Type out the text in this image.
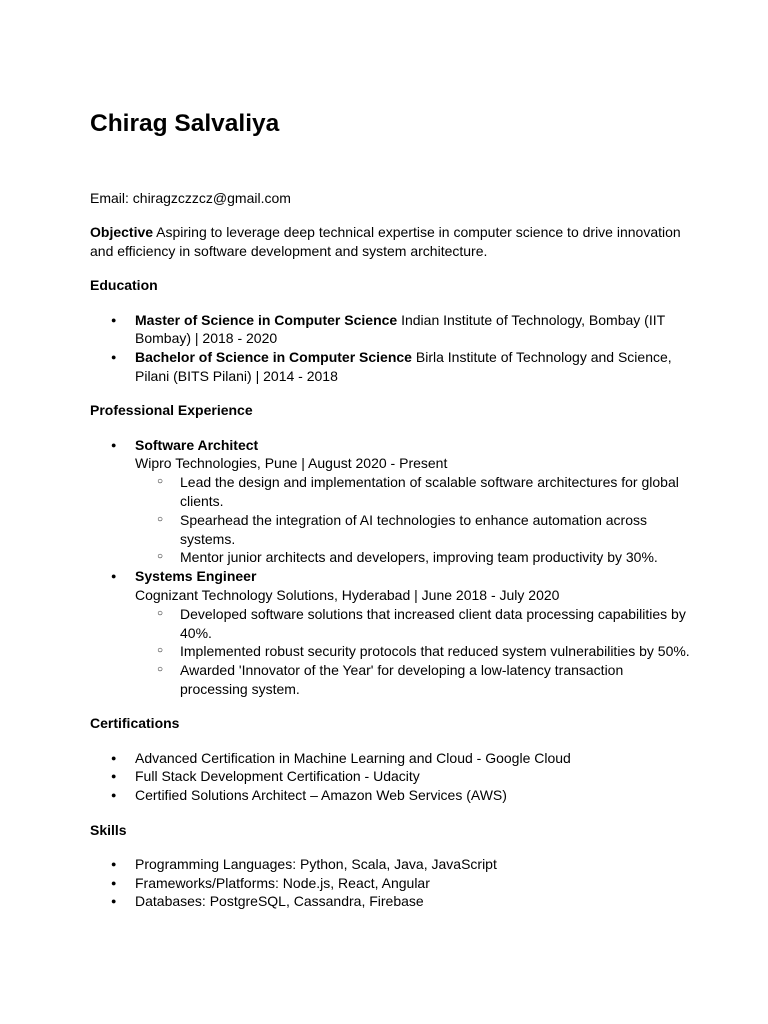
Chirag Salvaliya

Email: chiragzczzcz@gmail.com

Objective Aspiring to leverage deep technical expertise in computer science to drive innovation and efficiency in software development and system architecture.

Education

● Master of Science in Computer Science Indian Institute of Technology, Bombay (IIT Bombay) | 2018 - 2020
● Bachelor of Science in Computer Science Birla Institute of Technology and Science, Pilani (BITS Pilani) | 2014 - 2018

Professional Experience

● Software Architect
Wipro Technologies, Pune | August 2020 - Present
○ Lead the design and implementation of scalable software architectures for global clients.
○ Spearhead the integration of AI technologies to enhance automation across systems.
○ Mentor junior architects and developers, improving team productivity by 30%.
● Systems Engineer
Cognizant Technology Solutions, Hyderabad | June 2018 - July 2020
○ Developed software solutions that increased client data processing capabilities by 40%.
○ Implemented robust security protocols that reduced system vulnerabilities by 50%.
○ Awarded 'Innovator of the Year' for developing a low-latency transaction processing system.

Certifications

● Advanced Certification in Machine Learning and Cloud - Google Cloud
● Full Stack Development Certification - Udacity
● Certified Solutions Architect – Amazon Web Services (AWS)

Skills

● Programming Languages: Python, Scala, Java, JavaScript
● Frameworks/Platforms: Node.js, React, Angular
● Databases: PostgreSQL, Cassandra, Firebase
